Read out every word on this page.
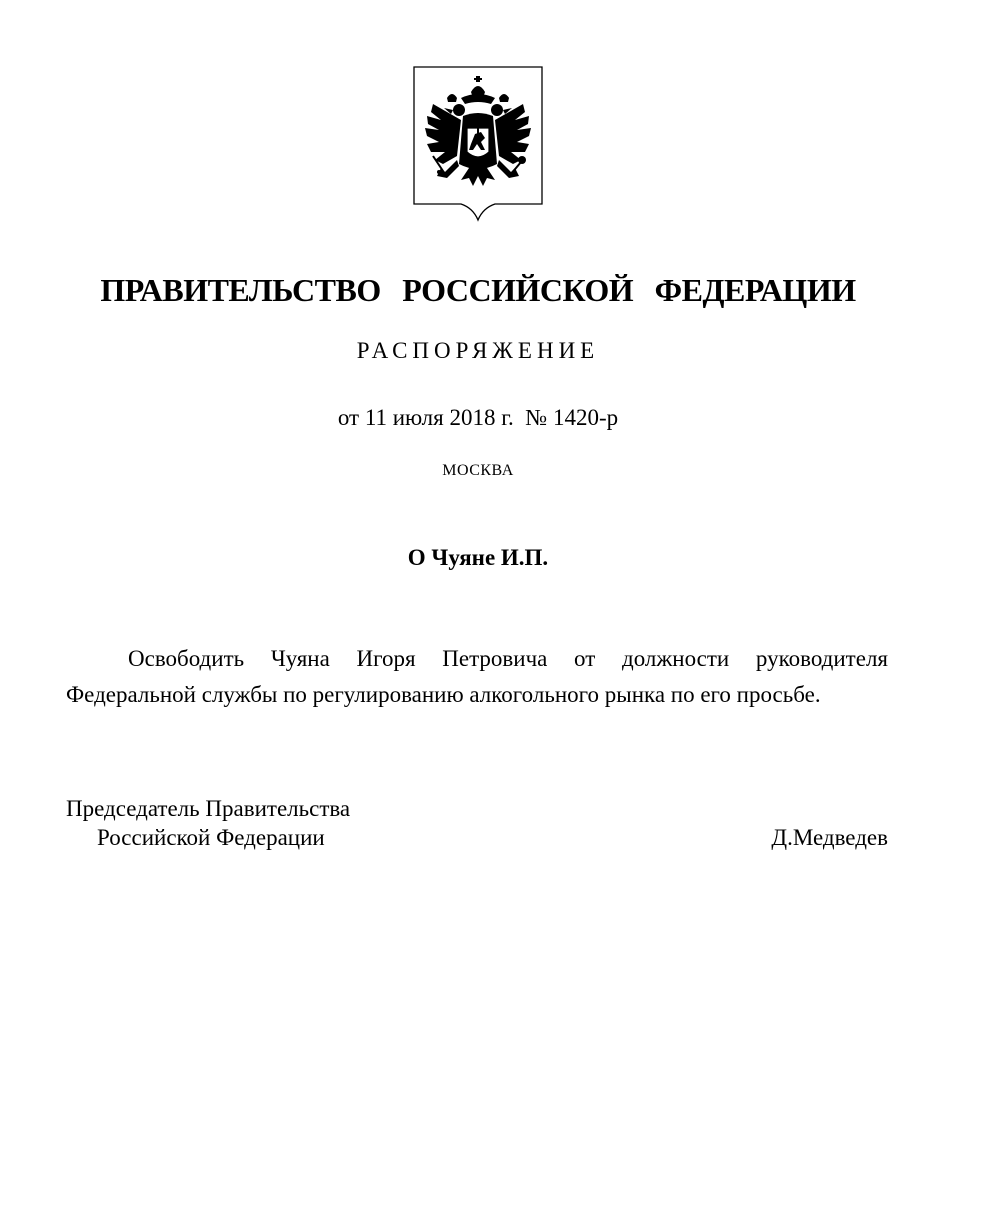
ПРАВИТЕЛЬСТВО РОССИЙСКОЙ ФЕДЕРАЦИИ
РАСПОРЯЖЕНИЕ
от 11 июля 2018 г.  № 1420-р
МОСКВА
О Чуяне И.П.

Освободить Чуяна Игоря Петровича от должности руководителя Федеральной службы по регулированию алкогольного рынка по его просьбе.

Председатель Правительства
Российской Федерации	Д.Медведев
